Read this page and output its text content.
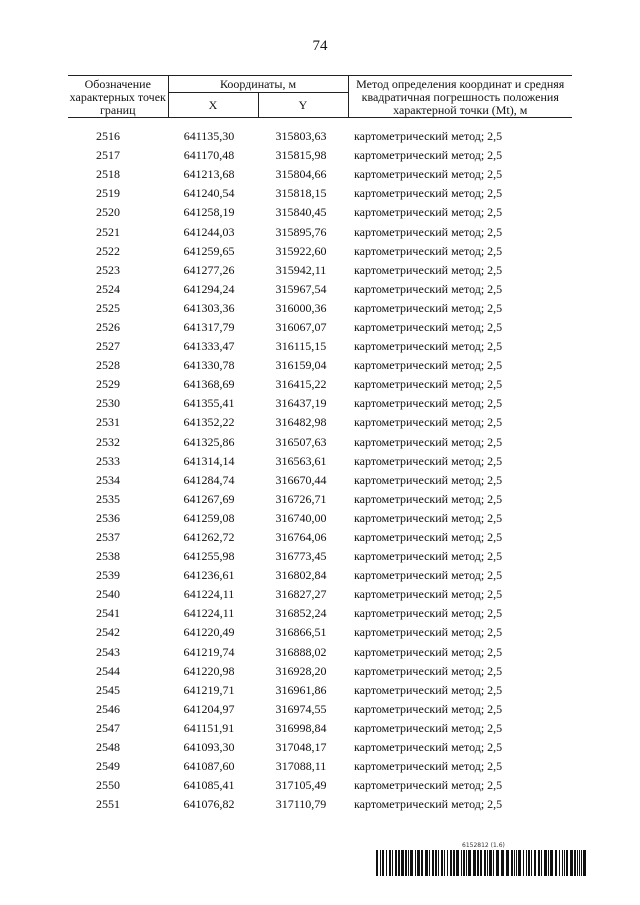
74
Обозначение характерных точек границ	Координаты, м		Метод определения координат и средняя квадратичная погрешность положения характерной точки (Mt), м
	X	Y	

2516	641135,30	315803,63	картометрический метод; 2,5
2517	641170,48	315815,98	картометрический метод; 2,5
2518	641213,68	315804,66	картометрический метод; 2,5
2519	641240,54	315818,15	картометрический метод; 2,5
2520	641258,19	315840,45	картометрический метод; 2,5
2521	641244,03	315895,76	картометрический метод; 2,5
2522	641259,65	315922,60	картометрический метод; 2,5
2523	641277,26	315942,11	картометрический метод; 2,5
2524	641294,24	315967,54	картометрический метод; 2,5
2525	641303,36	316000,36	картометрический метод; 2,5
2526	641317,79	316067,07	картометрический метод; 2,5
2527	641333,47	316115,15	картометрический метод; 2,5
2528	641330,78	316159,04	картометрический метод; 2,5
2529	641368,69	316415,22	картометрический метод; 2,5
2530	641355,41	316437,19	картометрический метод; 2,5
2531	641352,22	316482,98	картометрический метод; 2,5
2532	641325,86	316507,63	картометрический метод; 2,5
2533	641314,14	316563,61	картометрический метод; 2,5
2534	641284,74	316670,44	картометрический метод; 2,5
2535	641267,69	316726,71	картометрический метод; 2,5
2536	641259,08	316740,00	картометрический метод; 2,5
2537	641262,72	316764,06	картометрический метод; 2,5
2538	641255,98	316773,45	картометрический метод; 2,5
2539	641236,61	316802,84	картометрический метод; 2,5
2540	641224,11	316827,27	картометрический метод; 2,5
2541	641224,11	316852,24	картометрический метод; 2,5
2542	641220,49	316866,51	картометрический метод; 2,5
2543	641219,74	316888,02	картометрический метод; 2,5
2544	641220,98	316928,20	картометрический метод; 2,5
2545	641219,71	316961,86	картометрический метод; 2,5
2546	641204,97	316974,55	картометрический метод; 2,5
2547	641151,91	316998,84	картометрический метод; 2,5
2548	641093,30	317048,17	картометрический метод; 2,5
2549	641087,60	317088,11	картометрический метод; 2,5
2550	641085,41	317105,49	картометрический метод; 2,5
2551	641076,82	317110,79	картометрический метод; 2,5
6152812 (1.6)
